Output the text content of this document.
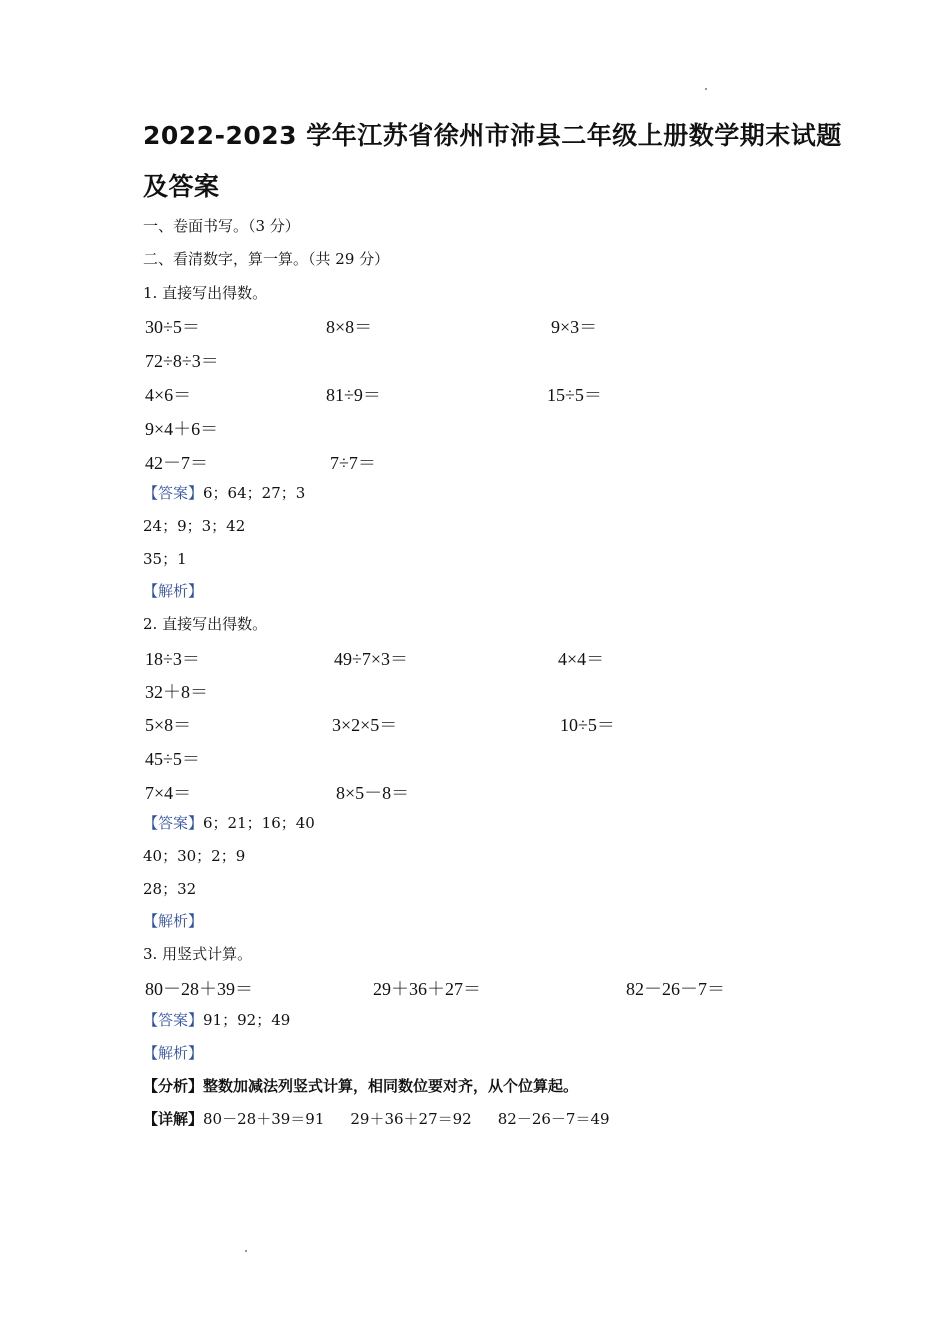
2022-2023 学年江苏省徐州市沛县二年级上册数学期末试题
及答案
一、卷面书写。（3 分）
二、看清数字，算一算。（共 29 分）
1. 直接写出得数。
30÷5＝	8×8＝	9×3＝
72÷8÷3＝
4×6＝	81÷9＝	15÷5＝
9×4＋6＝
42－7＝	7÷7＝
【答案】6；64；27；3
24；9；3；42
35；1
【解析】
2. 直接写出得数。
18÷3＝	49÷7×3＝	4×4＝
32＋8＝
5×8＝	3×2×5＝	10÷5＝
45÷5＝
7×4＝	8×5－8＝
【答案】6；21；16；40
40；30；2；9
28；32
【解析】
3. 用竖式计算。
80－28＋39＝	29＋36＋27＝	82－26－7＝
【答案】91；92；49
【解析】
【分析】整数加减法列竖式计算，相同数位要对齐，从个位算起。
【详解】80－28＋39＝91 29＋36＋27＝92 82－26－7＝49
